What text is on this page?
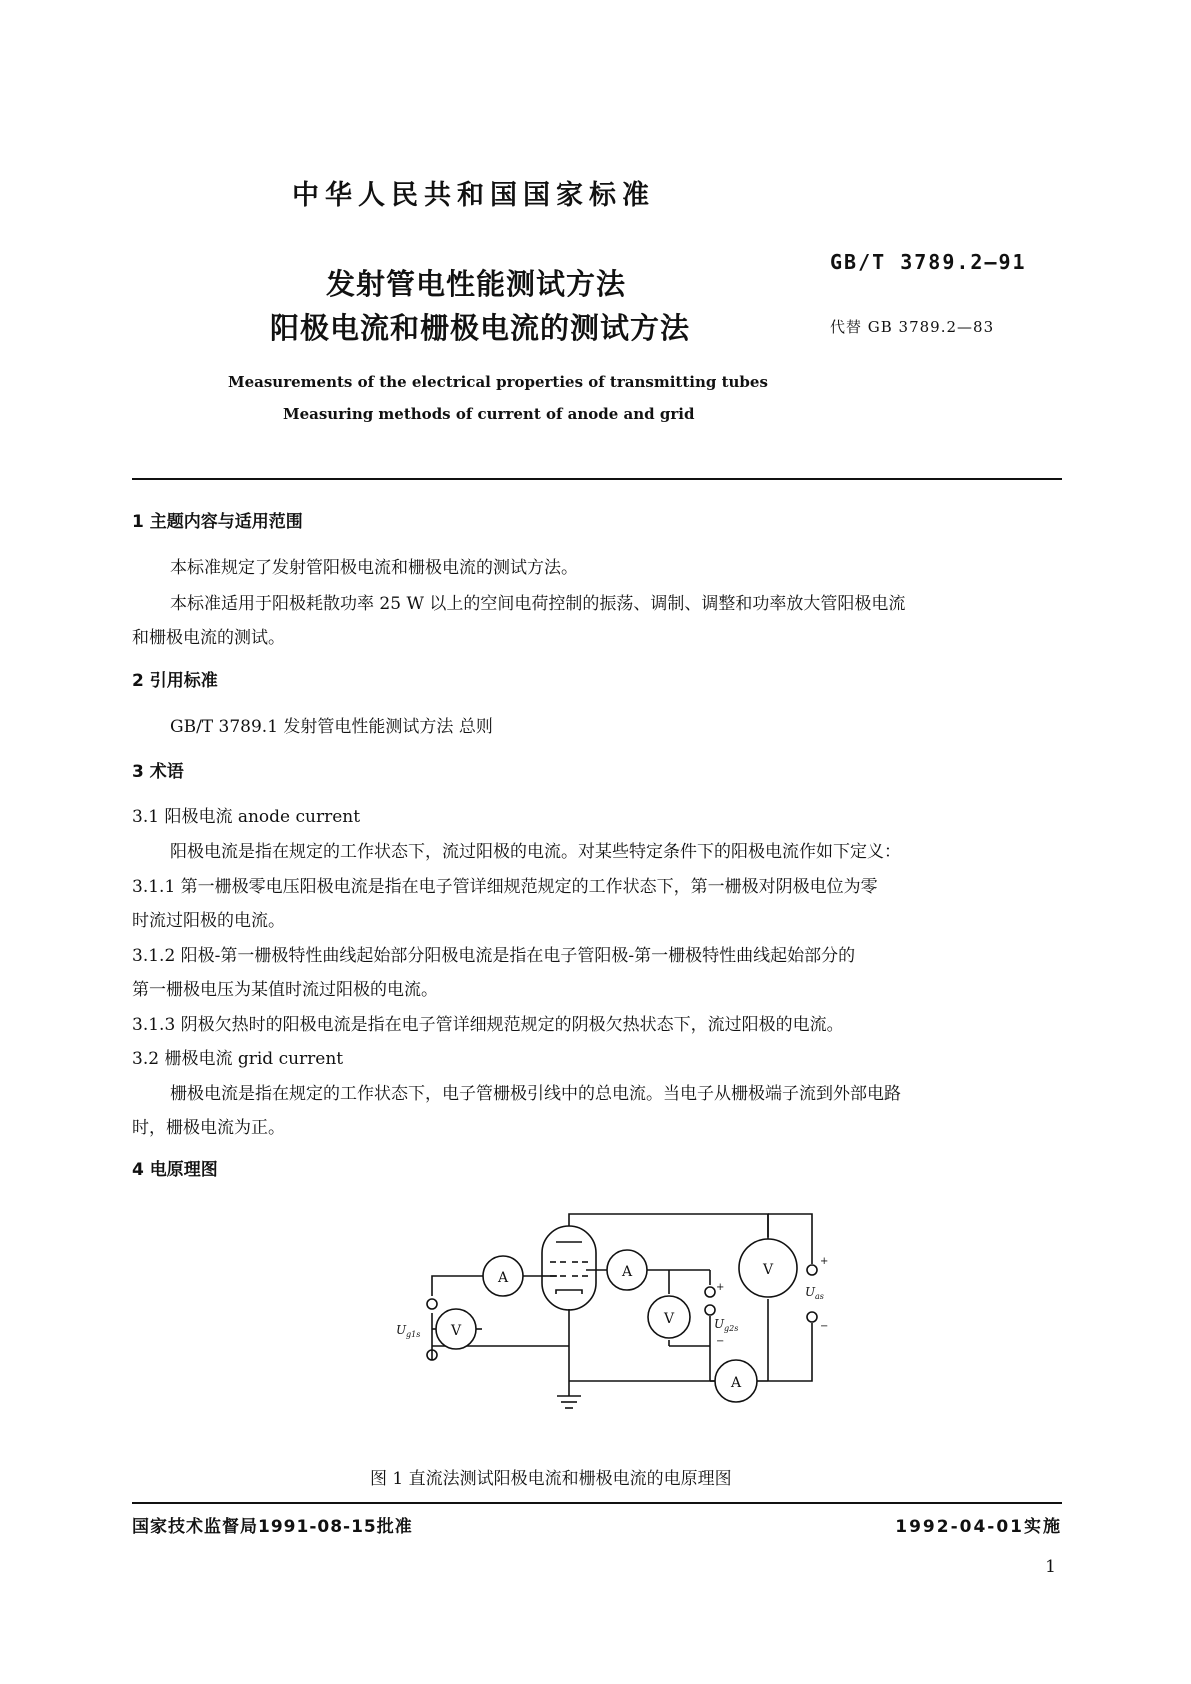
中华人民共和国国家标准
发射管电性能测试方法
阳极电流和栅极电流的测试方法
GB/T 3789.2—91
代替 GB 3789.2—83
Measurements of the electrical properties of transmitting tubes
Measuring methods of current of anode and grid
1 主题内容与适用范围
本标准规定了发射管阳极电流和栅极电流的测试方法。
本标准适用于阳极耗散功率 25 W 以上的空间电荷控制的振荡、调制、调整和功率放大管阳极电流
和栅极电流的测试。
2 引用标准
GB/T 3789.1 发射管电性能测试方法 总则
3 术语
3.1 阳极电流 anode current
阳极电流是指在规定的工作状态下，流过阳极的电流。对某些特定条件下的阳极电流作如下定义：
3.1.1 第一栅极零电压阳极电流是指在电子管详细规范规定的工作状态下，第一栅极对阴极电位为零
时流过阳极的电流。
3.1.2 阳极-第一栅极特性曲线起始部分阳极电流是指在电子管阳极-第一栅极特性曲线起始部分的
第一栅极电压为某值时流过阳极的电流。
3.1.3 阴极欠热时的阳极电流是指在电子管详细规范规定的阴极欠热状态下，流过阳极的电流。
3.2 栅极电流 grid current
栅极电流是指在规定的工作状态下，电子管栅极引线中的总电流。当电子从栅极端子流到外部电路
时，栅极电流为正。
4 电原理图
A
V
A
V
V
A
U g1s
U g2s
U as
+
−
+
−
图 1 直流法测试阳极电流和栅极电流的电原理图
国家技术监督局1991-08-15批准	1992-04-01实施
1
